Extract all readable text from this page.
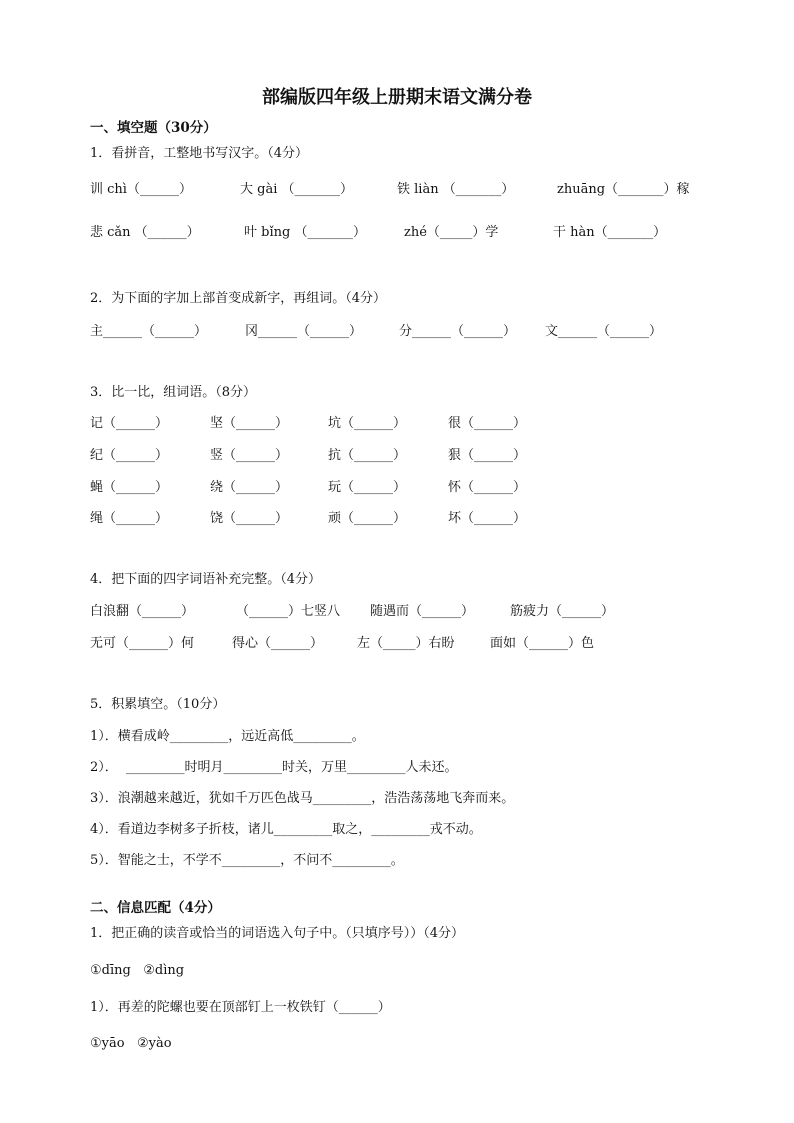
部编版四年级上册期末语文满分卷
一、填空题（30分）
1．看拼音，工整地书写汉字。（4分）
训 chì（______）	大 gài （_______）	铁 liàn （_______）	zhuāng（_______）稼
悲 cǎn （______）	叶 bǐng （_______）	zhé（_____）学	干 hàn（_______）
2．为下面的字加上部首变成新字，再组词。（4分）
主______（______）	冈______（______）	分______（______） 文______（______）
3．比一比，组词语。（8分）
记（______）	坚（______）	坑（______）	很（______）
纪（______）	竖（______）	抗（______）	狠（______）
蝇（______）	绕（______）	玩（______）	怀（______）
绳（______）	饶（______）	顽（______）	坏（______）
4．把下面的四字词语补充完整。（4分）
白浪翻（______）	（______）七竖八 随遇而（______）	筋疲力（______）
无可（______）何	得心（______）	左（_____）右盼	面如（______）色
5．积累填空。（10分）
1）．横看成岭_________，远近高低_________。
2）．  _________时明月_________时关，万里_________人未还。
3）．浪潮越来越近，犹如千万匹色战马_________，浩浩荡荡地飞奔而来。
4）．看道边李树多子折枝，诸儿_________取之，_________戎不动。
5）．智能之士，不学不_________，不问不_________。
二、信息匹配（4分）
1．把正确的读音或恰当的词语选入句子中。（只填序号））（4分）
①dīng   ②dìng
1）．再差的陀螺也要在顶部钉上一枚铁钉（______）
①yāo   ②yào
